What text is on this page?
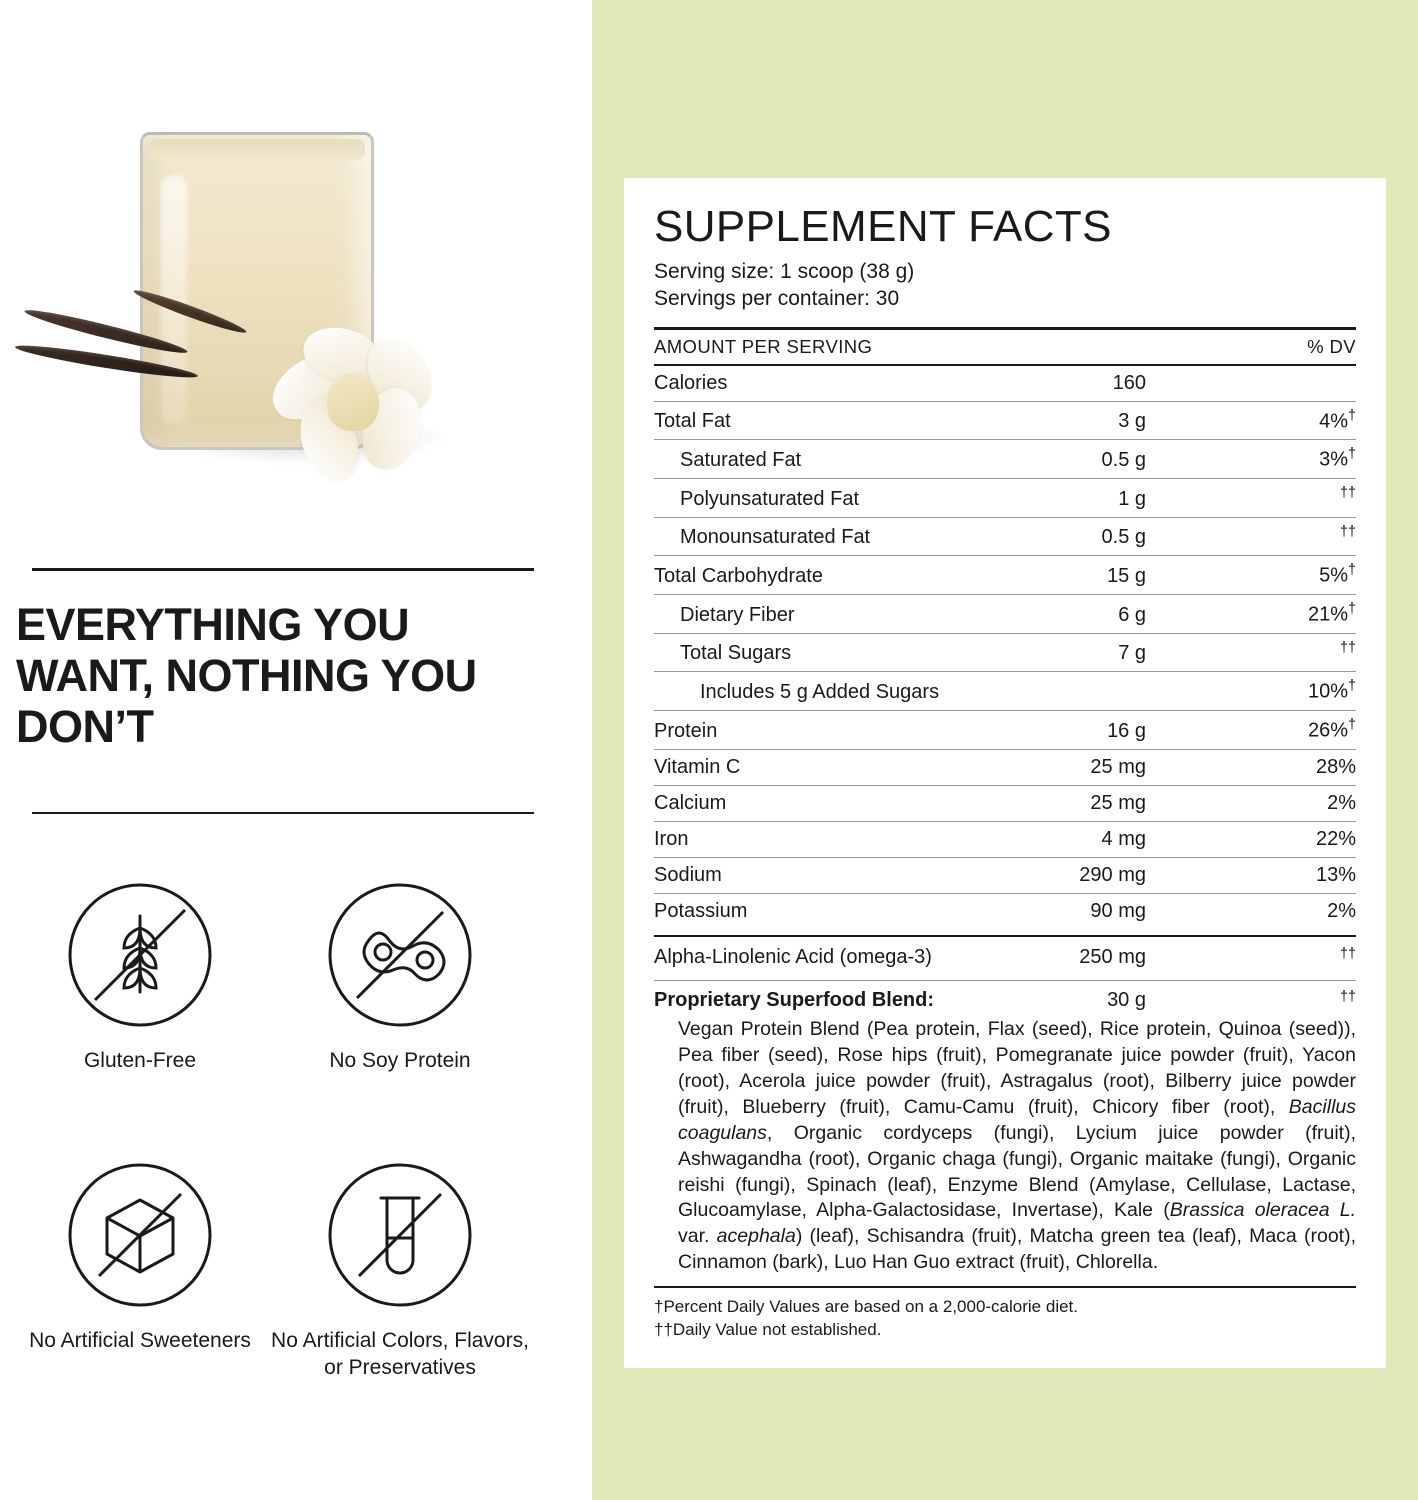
EVERYTHING YOU WANT, NOTHING YOU DON’T
Gluten-Free	No Soy Protein
No Artificial Sweeteners No Artificial Colors, Flavors, or Preservatives
SUPPLEMENT FACTS
Serving size: 1 scoop (38 g)
Servings per container: 30
AMOUNT PER SERVING		% DV
Calories	160	
Total Fat	3 g	4%†
Saturated Fat	0.5 g	3%†
Polyunsaturated Fat	1 g	††
Monounsaturated Fat	0.5 g	††
Total Carbohydrate	15 g	5%†
Dietary Fiber	6 g	21%†
Total Sugars	7 g	††
Includes 5 g Added Sugars		10%†
Protein	16 g	26%†
Vitamin C	25 mg	28%
Calcium	25 mg	2%
Iron	4 mg	22%
Sodium	290 mg	13%
Potassium	90 mg	2%
Alpha-Linolenic Acid (omega-3)	250 mg	††
Proprietary Superfood Blend:	30 g	††
Vegan Protein Blend (Pea protein, Flax (seed), Rice protein, Quinoa (seed)), Pea fiber (seed), Rose hips (fruit), Pomegranate juice powder (fruit), Yacon (root), Acerola juice powder (fruit), Astragalus (root), Bilberry juice powder (fruit), Blueberry (fruit), Camu-Camu (fruit), Chicory fiber (root), Bacillus coagulans, Organic cordyceps (fungi), Lycium juice powder (fruit), Ashwagandha (root), Organic chaga (fungi), Organic maitake (fungi), Organic reishi (fungi), Spinach (leaf), Enzyme Blend (Amylase, Cellulase, Lactase, Glucoamylase, Alpha-Galactosidase, Invertase), Kale (Brassica oleracea L. var. acephala) (leaf), Schisandra (fruit), Matcha green tea (leaf), Maca (root), Cinnamon (bark), Luo Han Guo extract (fruit), Chlorella.
†Percent Daily Values are based on a 2,000-calorie diet.
††Daily Value not established.
